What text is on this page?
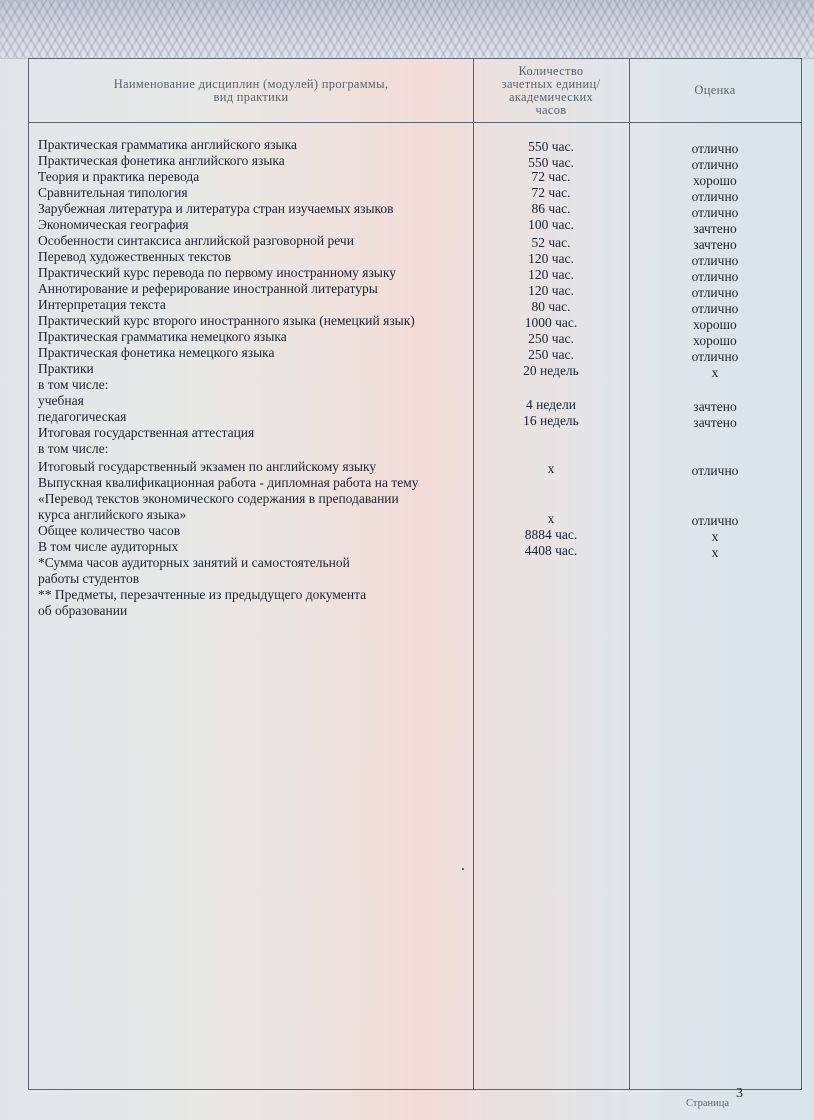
Наименование дисциплин (модулей) программы,
вид практики
Количество
зачетных единиц/
академических
часов
Оценка
Практическая грамматика английского языка	550 час.	отлично
Практическая фонетика английского языка	550 час.	отлично
Теория и практика перевода	72 час.	хорошо
Сравнительная типология	72 час.	отлично
Зарубежная литература и литература стран изучаемых языков	86 час.	отлично
Экономическая география	100 час.	зачтено
Особенности синтаксиса английской разговорной речи	52 час.	зачтено
Перевод художественных текстов	120 час.	отлично
Практический курс перевода по первому иностранному языку	120 час.	отлично
Аннотирование и реферирование иностранной литературы	120 час.	отлично
Интерпретация текста	80 час.	отлично
Практический курс второго иностранного языка (немецкий язык)	1000 час.	хорошо
Практическая грамматика немецкого языка	250 час.	хорошо
Практическая фонетика немецкого языка	250 час.	отлично
Практики	20 недель	х
в том числе:
учебная	4 недели	зачтено
педагогическая	16 недель	зачтено
Итоговая государственная аттестация
в том числе:
Итоговый государственный экзамен по английскому языку	х	отлично
Выпускная квалификационная работа - дипломная работа на тему
«Перевод текстов экономического содержания в преподавании
курса английского языка»	х	отлично
Общее количество часов	8884 час.	х
В том числе аудиторных	4408 час.	х
*Сумма часов аудиторных занятий и самостоятельной
работы студентов
** Предметы, перезачтенные из предыдущего документа
об образовании
3
Страница
